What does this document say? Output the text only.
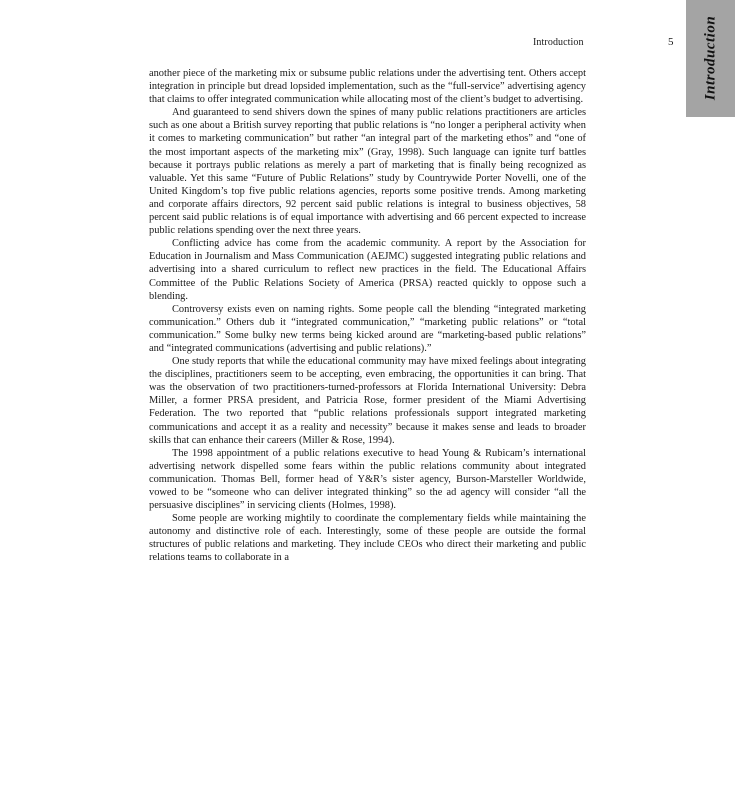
Introduction	5 Introduction

another piece of the marketing mix or subsume public relations under the advertising tent. Others accept integration in principle but dread lopsided implementation, such as the “full-service” advertising agency that claims to offer integrated communication while allocating most of the client’s budget to advertising.

And guaranteed to send shivers down the spines of many public relations practitioners are articles such as one about a British survey reporting that public relations is “no longer a peripheral activity when it comes to marketing communication” but rather “an integral part of the marketing ethos” and “one of the most important aspects of the marketing mix” (Gray, 1998). Such language can ignite turf battles because it portrays public relations as merely a part of marketing that is finally being recognized as valuable. Yet this same “Future of Public Relations” study by Countrywide Porter Novelli, one of the United Kingdom’s top five public relations agencies, reports some positive trends. Among marketing and corporate affairs directors, 92 percent said public relations is integral to business objectives, 58 percent said public relations is of equal importance with advertising and 66 percent expected to increase public relations spending over the next three years.

Conflicting advice has come from the academic community. A report by the Association for Education in Journalism and Mass Communication (AEJMC) suggested integrating public relations and advertising into a shared curriculum to reflect new practices in the field. The Educational Affairs Committee of the Public Relations Society of America (PRSA) reacted quickly to oppose such a blending.

Controversy exists even on naming rights. Some people call the blending “integrated marketing communication.” Others dub it “integrated communication,” “marketing public relations” or “total communication.” Some bulky new terms being kicked around are “marketing-based public relations” and “integrated communications (advertising and public relations).”

One study reports that while the educational community may have mixed feelings about integrating the disciplines, practitioners seem to be accepting, even embracing, the opportunities it can bring. That was the observation of two practitioners-turned-professors at Florida International University: Debra Miller, a former PRSA president, and Patricia Rose, former president of the Miami Advertising Federation. The two reported that “public relations professionals support integrated marketing communications and accept it as a reality and necessity” because it makes sense and leads to broader skills that can enhance their careers (Miller & Rose, 1994).

The 1998 appointment of a public relations executive to head Young & Rubicam’s international advertising network dispelled some fears within the public relations community about integrated communication. Thomas Bell, former head of Y&R’s sister agency, Burson-Marsteller Worldwide, vowed to be “someone who can deliver integrated thinking” so the ad agency will consider “all the persuasive disciplines” in servicing clients (Holmes, 1998).

Some people are working mightily to coordinate the complementary fields while maintaining the autonomy and distinctive role of each. Interestingly, some of these people are outside the formal structures of public relations and marketing. They include CEOs who direct their marketing and public relations teams to collaborate in a
